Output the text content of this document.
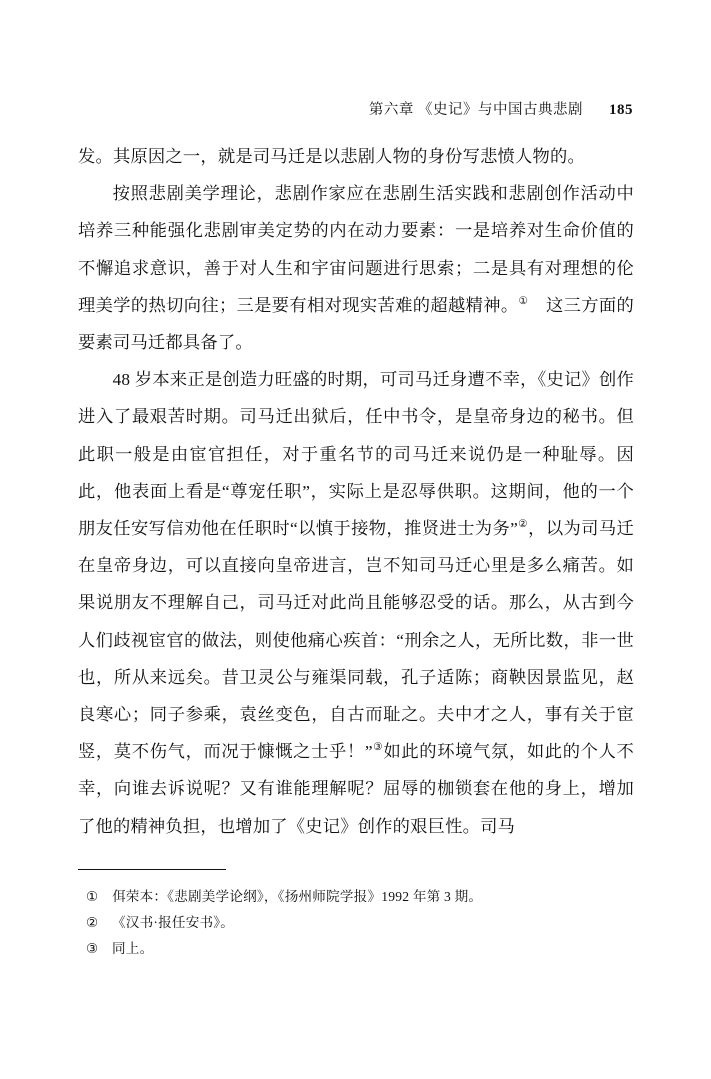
第六章 《史记》与中国古典悲剧 185

发。其原因之一，就是司马迁是以悲剧人物的身份写悲愤人物的。

按照悲剧美学理论，悲剧作家应在悲剧生活实践和悲剧创作活动中培养三种能强化悲剧审美定势的内在动力要素：一是培养对生命价值的不懈追求意识，善于对人生和宇宙问题进行思索；二是具有对理想的伦理美学的热切向往；三是要有相对现实苦难的超越精神。①　 这三方面的要素司马迁都具备了。

48 岁本来正是创造力旺盛的时期，可司马迁身遭不幸，《史记》创作进入了最艰苦时期。司马迁出狱后，任中书令，是皇帝身边的秘书。但此职一般是由宦官担任，对于重名节的司马迁来说仍是一种耻辱。因此，他表面上看是“尊宠任职”，实际上是忍辱供职。这期间，他的一个朋友任安写信劝他在任职时“以慎于接物，推贤进士为务”②，以为司马迁在皇帝身边，可以直接向皇帝进言，岂不知司马迁心里是多么痛苦。如果说朋友不理解自己，司马迁对此尚且能够忍受的话。那么，从古到今人们歧视宦官的做法，则使他痛心疾首：“刑余之人，无所比数，非一世也，所从来远矣。昔卫灵公与雍渠同载，孔子适陈；商鞅因景监见，赵良寒心；同子参乘，袁丝变色，自古而耻之。夫中才之人，事有关于宦竖，莫不伤气，而况于慷慨之士乎！”③如此的环境气氛，如此的个人不幸，向谁去诉说呢？又有谁能理解呢？屈辱的枷锁套在他的身上，增加了他的精神负担，也增加了《史记》创作的艰巨性。司马

①	佴荣本：《悲剧美学论纲》，《扬州师院学报》1992 年第 3 期。
②	《汉书·报任安书》。
③	同上。
